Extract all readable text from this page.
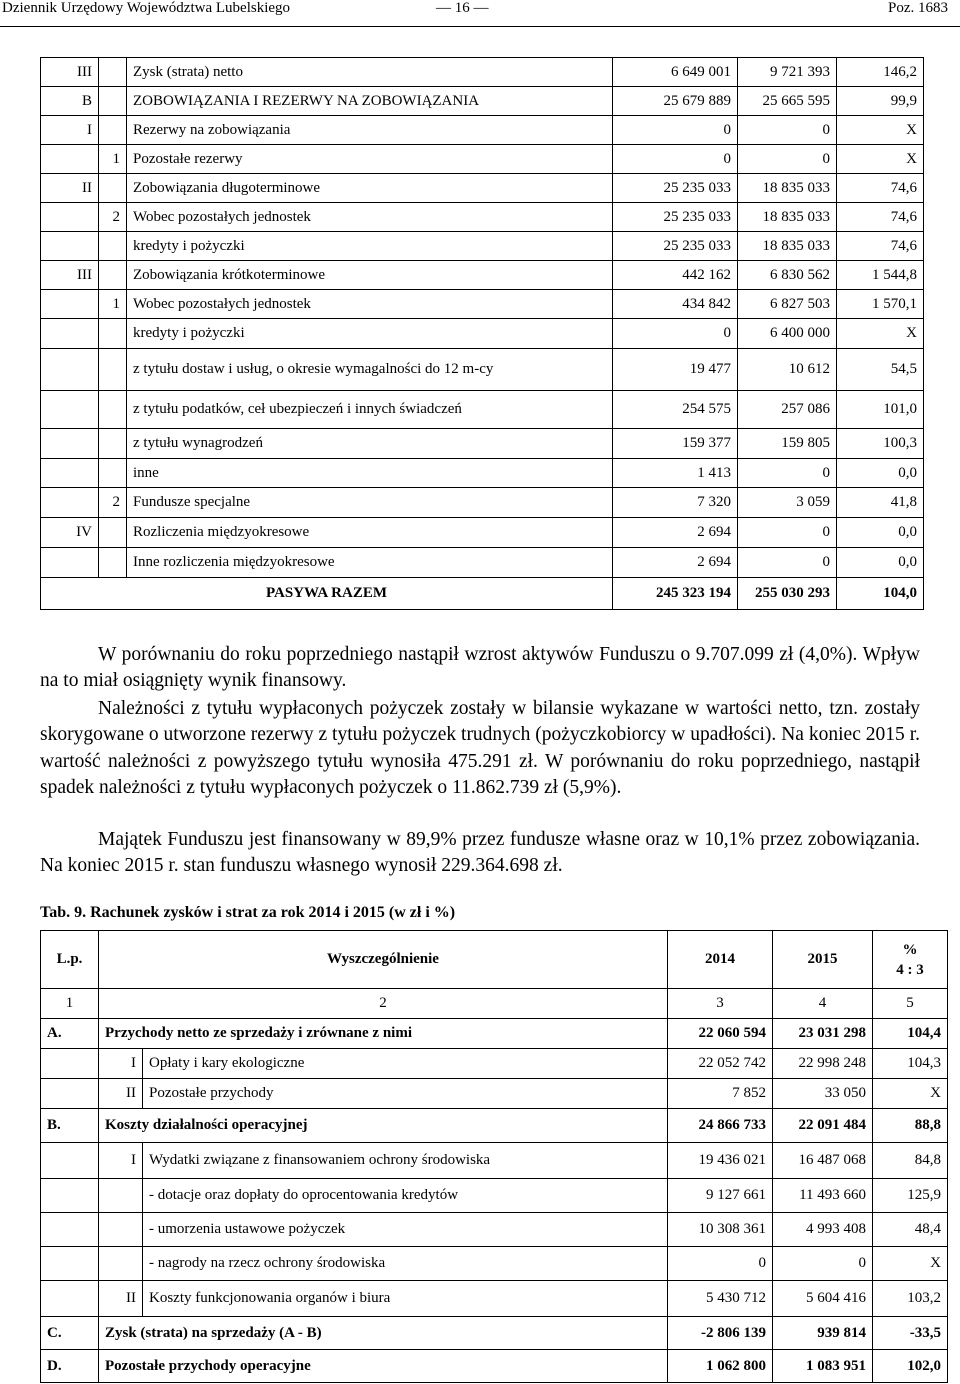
Dziennik Urzędowy Województwa Lubelskiego	— 16 —	Poz. 1683
III		Zysk (strata) netto	6 649 001	9 721 393	146,2
B		ZOBOWIĄZANIA I REZERWY NA ZOBOWIĄZANIA	25 679 889	25 665 595	99,9
I		Rezerwy na zobowiązania	0	0	X
	1	Pozostałe rezerwy	0	0	X
II		Zobowiązania długoterminowe	25 235 033	18 835 033	74,6
	2	Wobec pozostałych jednostek	25 235 033	18 835 033	74,6
		kredyty i pożyczki	25 235 033	18 835 033	74,6
III		Zobowiązania krótkoterminowe	442 162	6 830 562	1 544,8
	1	Wobec pozostałych jednostek	434 842	6 827 503	1 570,1
		kredyty i pożyczki	0	6 400 000	X
		z tytułu dostaw i usług, o okresie wymagalności do 12 m-cy	19 477	10 612	54,5
		z tytułu podatków, ceł ubezpieczeń i innych świadczeń	254 575	257 086	101,0
		z tytułu wynagrodzeń	159 377	159 805	100,3
		inne	1 413	0	0,0
	2	Fundusze specjalne	7 320	3 059	41,8
IV		Rozliczenia międzyokresowe	2 694	0	0,0
		Inne rozliczenia międzyokresowe	2 694	0	0,0
PASYWA RAZEM			245 323 194	255 030 293	104,0

W porównaniu do roku poprzedniego nastąpił wzrost aktywów Funduszu o 9.707.099 zł (4,0%). Wpływ na to miał osiągnięty wynik finansowy.

Należności z tytułu wypłaconych pożyczek zostały w bilansie wykazane w wartości netto, tzn. zostały skorygowane o utworzone rezerwy z tytułu pożyczek trudnych (pożyczkobiorcy w upadłości). Na koniec 2015 r. wartość należności z powyższego tytułu wynosiła 475.291 zł. W porównaniu do roku poprzedniego, nastąpił spadek należności z tytułu wypłaconych pożyczek o 11.862.739 zł (5,9%).

Majątek Funduszu jest finansowany w 89,9% przez fundusze własne oraz w 10,1% przez zobowiązania. Na koniec 2015 r. stan funduszu własnego wynosił 229.364.698 zł.

Tab. 9. Rachunek zysków i strat za rok 2014 i 2015 (w zł i %)
L.p.	Wyszczególnienie		2014	2015	%
4 : 3

1	2		3	4	5
A.	Przychody netto ze sprzedaży i zrównane z nimi		22 060 594	23 031 298	104,4
	I	Opłaty i kary ekologiczne	22 052 742	22 998 248	104,3
	II	Pozostałe przychody	7 852	33 050	X
B.	Koszty działalności operacyjnej		24 866 733	22 091 484	88,8
	I	Wydatki związane z finansowaniem ochrony środowiska	19 436 021	16 487 068	84,8
		- dotacje oraz dopłaty do oprocentowania kredytów	9 127 661	11 493 660	125,9
		- umorzenia ustawowe pożyczek	10 308 361	4 993 408	48,4
		- nagrody na rzecz ochrony środowiska	0	0	X
	II	Koszty funkcjonowania organów i biura	5 430 712	5 604 416	103,2
C.	Zysk (strata) na sprzedaży (A - B)		-2 806 139	939 814	-33,5
D.	Pozostałe przychody operacyjne		1 062 800	1 083 951	102,0
